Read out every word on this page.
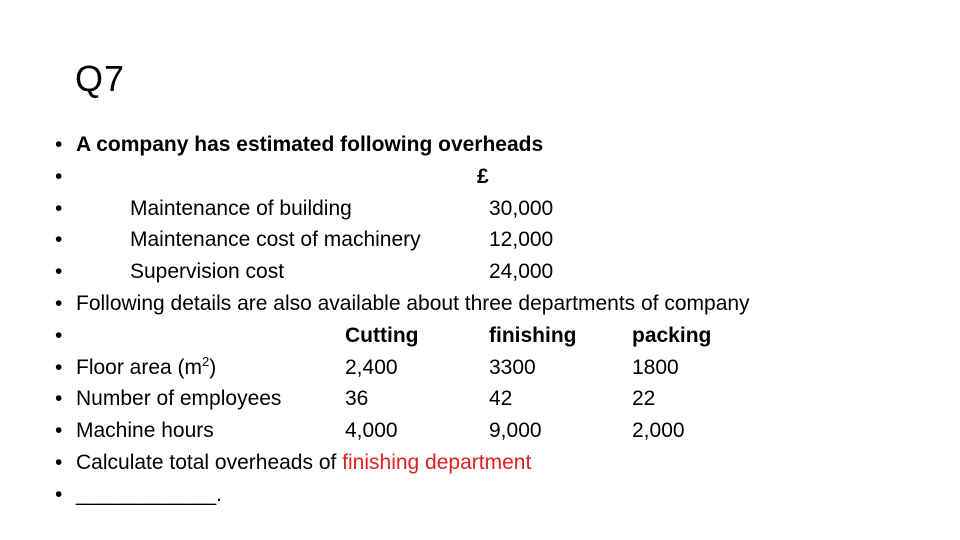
Q7
• A company has estimated following overheads
•	£
•	Maintenance of building	30,000
•	Maintenance cost of machinery	12,000
•	Supervision cost	24,000
• Following details are also available about three departments of company
•	Cutting	finishing	packing
• Floor area $(m^2)$	2,400	3300	1800
• Number of employees	36	42	22
• Machine hours	4,000	9,000	2,000
• Calculate total overheads of finishing department
• ____________.
